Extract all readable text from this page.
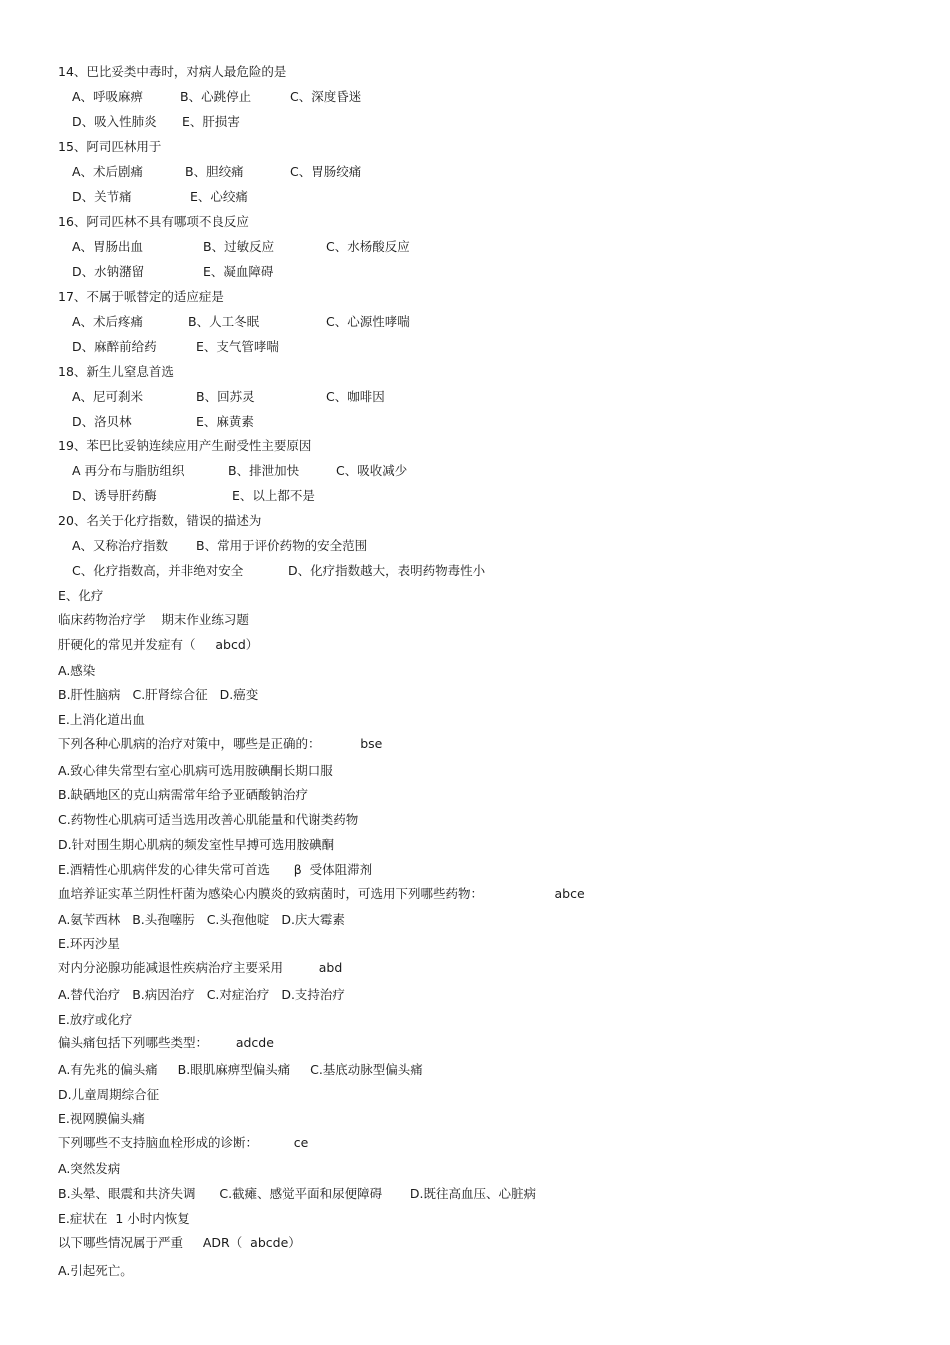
14、巴比妥类中毒时，对病人最危险的是
A、呼吸麻痹	B、心跳停止	C、深度昏迷
D、吸入性肺炎 E、肝损害
15、阿司匹林用于
A、术后剧痛	B、胆绞痛	C、胃肠绞痛
D、关节痛	E、心绞痛
16、阿司匹林不具有哪项不良反应
A、胃肠出血	B、过敏反应	C、水杨酸反应
D、水钠潴留	E、凝血障碍
17、不属于哌替定的适应症是
A、术后疼痛	B、人工冬眠	C、心源性哮喘
D、麻醉前给药	E、支气管哮喘
18、新生儿窒息首选
A、尼可刹米	B、回苏灵	C、咖啡因
D、洛贝林	E、麻黄素
19、苯巴比妥钠连续应用产生耐受性主要原因
A 再分布与脂肪组织	B、排泄加快	C、吸收减少
D、诱导肝药酶	E、以上都不是
20、名关于化疗指数，错误的描述为
A、又称治疗指数 B、常用于评价药物的安全范围
C、化疗指数高，并非绝对安全	D、化疗指数越大，表明药物毒性小
E、化疗
临床药物治疗学    期末作业练习题
肝硬化的常见并发症有（     abcd）
A.感染
B.肝性脑病   C.肝肾综合征   D.癌变
E.上消化道出血
下列各种心肌病的治疗对策中，哪些是正确的：          bse
A.致心律失常型右室心肌病可选用胺碘酮长期口服
B.缺硒地区的克山病需常年给予亚硒酸钠治疗
C.药物性心肌病可适当选用改善心肌能量和代谢类药物
D.针对围生期心肌病的频发室性早搏可选用胺碘酮
E.酒精性心肌病伴发的心律失常可首选      β  受体阻滞剂
血培养证实革兰阴性杆菌为感染心内膜炎的致病菌时，可选用下列哪些药物：                  abce
A.氨苄西林   B.头孢噻肟   C.头孢他啶   D.庆大霉素
E.环丙沙星
对内分泌腺功能减退性疾病治疗主要采用         abd
A.替代治疗   B.病因治疗   C.对症治疗   D.支持治疗
E.放疗或化疗
偏头痛包括下列哪些类型：       adcde
A.有先兆的偏头痛     B.眼肌麻痹型偏头痛     C.基底动脉型偏头痛
D.儿童周期综合征
E.视网膜偏头痛
下列哪些不支持脑血栓形成的诊断：         ce
A.突然发病
B.头晕、眼震和共济失调      C.截瘫、感觉平面和尿便障碍       D.既往高血压、心脏病
E.症状在  1 小时内恢复
以下哪些情况属于严重     ADR（  abcde）
A.引起死亡。
